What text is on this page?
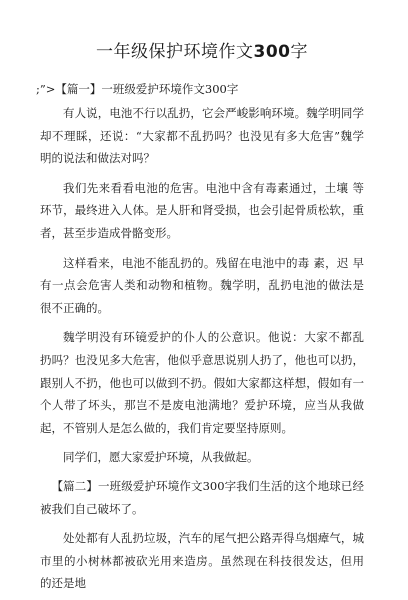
一年级保护环境作文300字
;”>【篇一】一班级爱护环境作文300字

有人说，电池不行以乱扔，它会严峻影响环境。魏学明同学 却不理睬，还说：“大家都不乱扔吗？也没见有多大危害”魏学 明的说法和做法对吗？

我们先来看看电池的危害。电池中含有毒素通过，土壤 等环节，最终进入人体。是人肝和肾受损，也会引起骨质松软，重者，甚至步造成骨骼变形。

这样看来，电池不能乱扔的。残留在电池中的毒 素，迟 早有一点会危害人类和动物和植物。魏学明，乱扔电池的做法是 很不正确的。

魏学明没有环镜爱护的仆人的公意识。他说：大家不都乱 扔吗？也没见多大危害，他似乎意思说别人扔了，他也可以扔，跟别人不扔，他也可以做到不扔。假如大家都这样想，假如有一 个人带了坏头，那岂不是废电池满地？爱护环境，应当从我做起，不管别人是怎么做的，我们肯定要坚持原则。

同学们，愿大家爱护环境，从我做起。

【篇二】一班级爱护环境作文300字我们生活的这个地球已经被我们自己破坏了。

处处都有人乱扔垃圾，汽车的尾气把公路弄得乌烟瘴气，城市里的小树林都被砍光用来造房。虽然现在科技很发达，但用 的还是地
